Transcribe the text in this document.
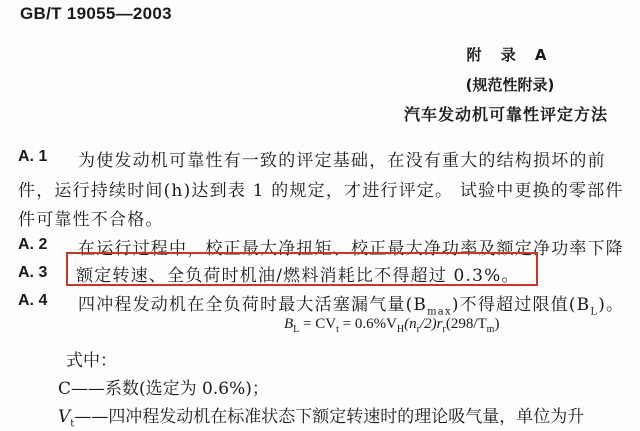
GB/T 19055—2003
附 录 A
(规范性附录)
汽车发动机可靠性评定方法
A. 1 为使发动机可靠性有一致的评定基础，在没有重大的结构损坏的前
件，运行持续时间(h)达到表 1 的规定，才进行评定。 试验中更换的零部件
件可靠性不合格。
A. 2 在运行过程中，校正最大净扭矩、校正最大净功率及额定净功率下降
A. 3 额定转速、全负荷时机油/燃料消耗比不得超过 0.3%。
A. 4 四冲程发动机在全负荷时最大活塞漏气量$(B_{max})$不得超过限值$(B_L)$。
$B_L = CV_t = 0.6\%V_H(n_r/2)r_r(298/T_m)$
式中：
C——系数(选定为 0.6%)；
$V_t——$四冲程发动机在标准状态下额定转速时的理论吸气量，单位为升
